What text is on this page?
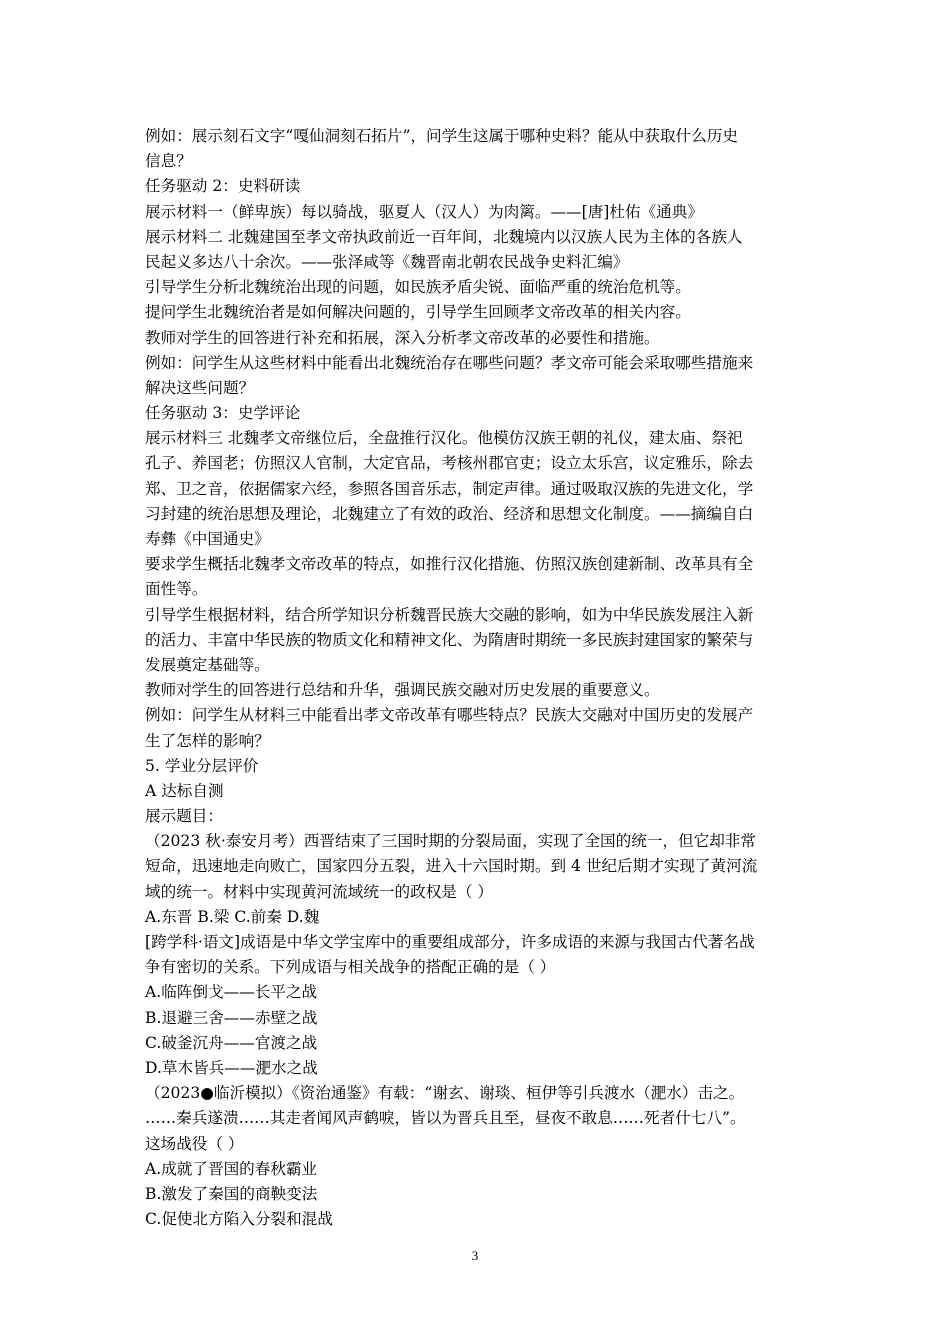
例如：展示刻石文字“嘎仙洞刻石拓片”，问学生这属于哪种史料？能从中获取什么历史
信息？
任务驱动 2：史料研读
展示材料一（鲜卑族）每以骑战，驱夏人（汉人）为肉篱。——[唐]杜佑《通典》
展示材料二 北魏建国至孝文帝执政前近一百年间，北魏境内以汉族人民为主体的各族人
民起义多达八十余次。——张泽咸等《魏晋南北朝农民战争史料汇编》
引导学生分析北魏统治出现的问题，如民族矛盾尖锐、面临严重的统治危机等。
提问学生北魏统治者是如何解决问题的，引导学生回顾孝文帝改革的相关内容。
教师对学生的回答进行补充和拓展，深入分析孝文帝改革的必要性和措施。
例如：问学生从这些材料中能看出北魏统治存在哪些问题？孝文帝可能会采取哪些措施来
解决这些问题？
任务驱动 3：史学评论
展示材料三 北魏孝文帝继位后，全盘推行汉化。他模仿汉族王朝的礼仪，建太庙、祭祀
孔子、养国老；仿照汉人官制，大定官品，考核州郡官吏；设立太乐宫，议定雅乐，除去
郑、卫之音，依据儒家六经，参照各国音乐志，制定声律。通过吸取汉族的先进文化，学
习封建的统治思想及理论，北魏建立了有效的政治、经济和思想文化制度。——摘编自白
寿彝《中国通史》
要求学生概括北魏孝文帝改革的特点，如推行汉化措施、仿照汉族创建新制、改革具有全
面性等。
引导学生根据材料，结合所学知识分析魏晋民族大交融的影响，如为中华民族发展注入新
的活力、丰富中华民族的物质文化和精神文化、为隋唐时期统一多民族封建国家的繁荣与
发展奠定基础等。
教师对学生的回答进行总结和升华，强调民族交融对历史发展的重要意义。
例如：问学生从材料三中能看出孝文帝改革有哪些特点？民族大交融对中国历史的发展产
生了怎样的影响？
5. 学业分层评价
A 达标自测
展示题目：
（2023 秋·泰安月考）西晋结束了三国时期的分裂局面，实现了全国的统一，但它却非常
短命，迅速地走向败亡，国家四分五裂，进入十六国时期。到 4 世纪后期才实现了黄河流
域的统一。材料中实现黄河流域统一的政权是（ ）
A.东晋 B.梁 C.前秦 D.魏
[跨学科·语文]成语是中华文学宝库中的重要组成部分，许多成语的来源与我国古代著名战
争有密切的关系。下列成语与相关战争的搭配正确的是（ ）
A.临阵倒戈——长平之战
B.退避三舍——赤壁之战
C.破釜沉舟——官渡之战
D.草木皆兵——淝水之战
（2023●临沂模拟）《资治通鉴》有载：“谢玄、谢琰、桓伊等引兵渡水（淝水）击之。
……秦兵遂溃……其走者闻风声鹤唳，皆以为晋兵且至，昼夜不敢息……死者什七八”。
这场战役（ ）
A.成就了晋国的春秋霸业
B.激发了秦国的商鞅变法
C.促使北方陷入分裂和混战
3
